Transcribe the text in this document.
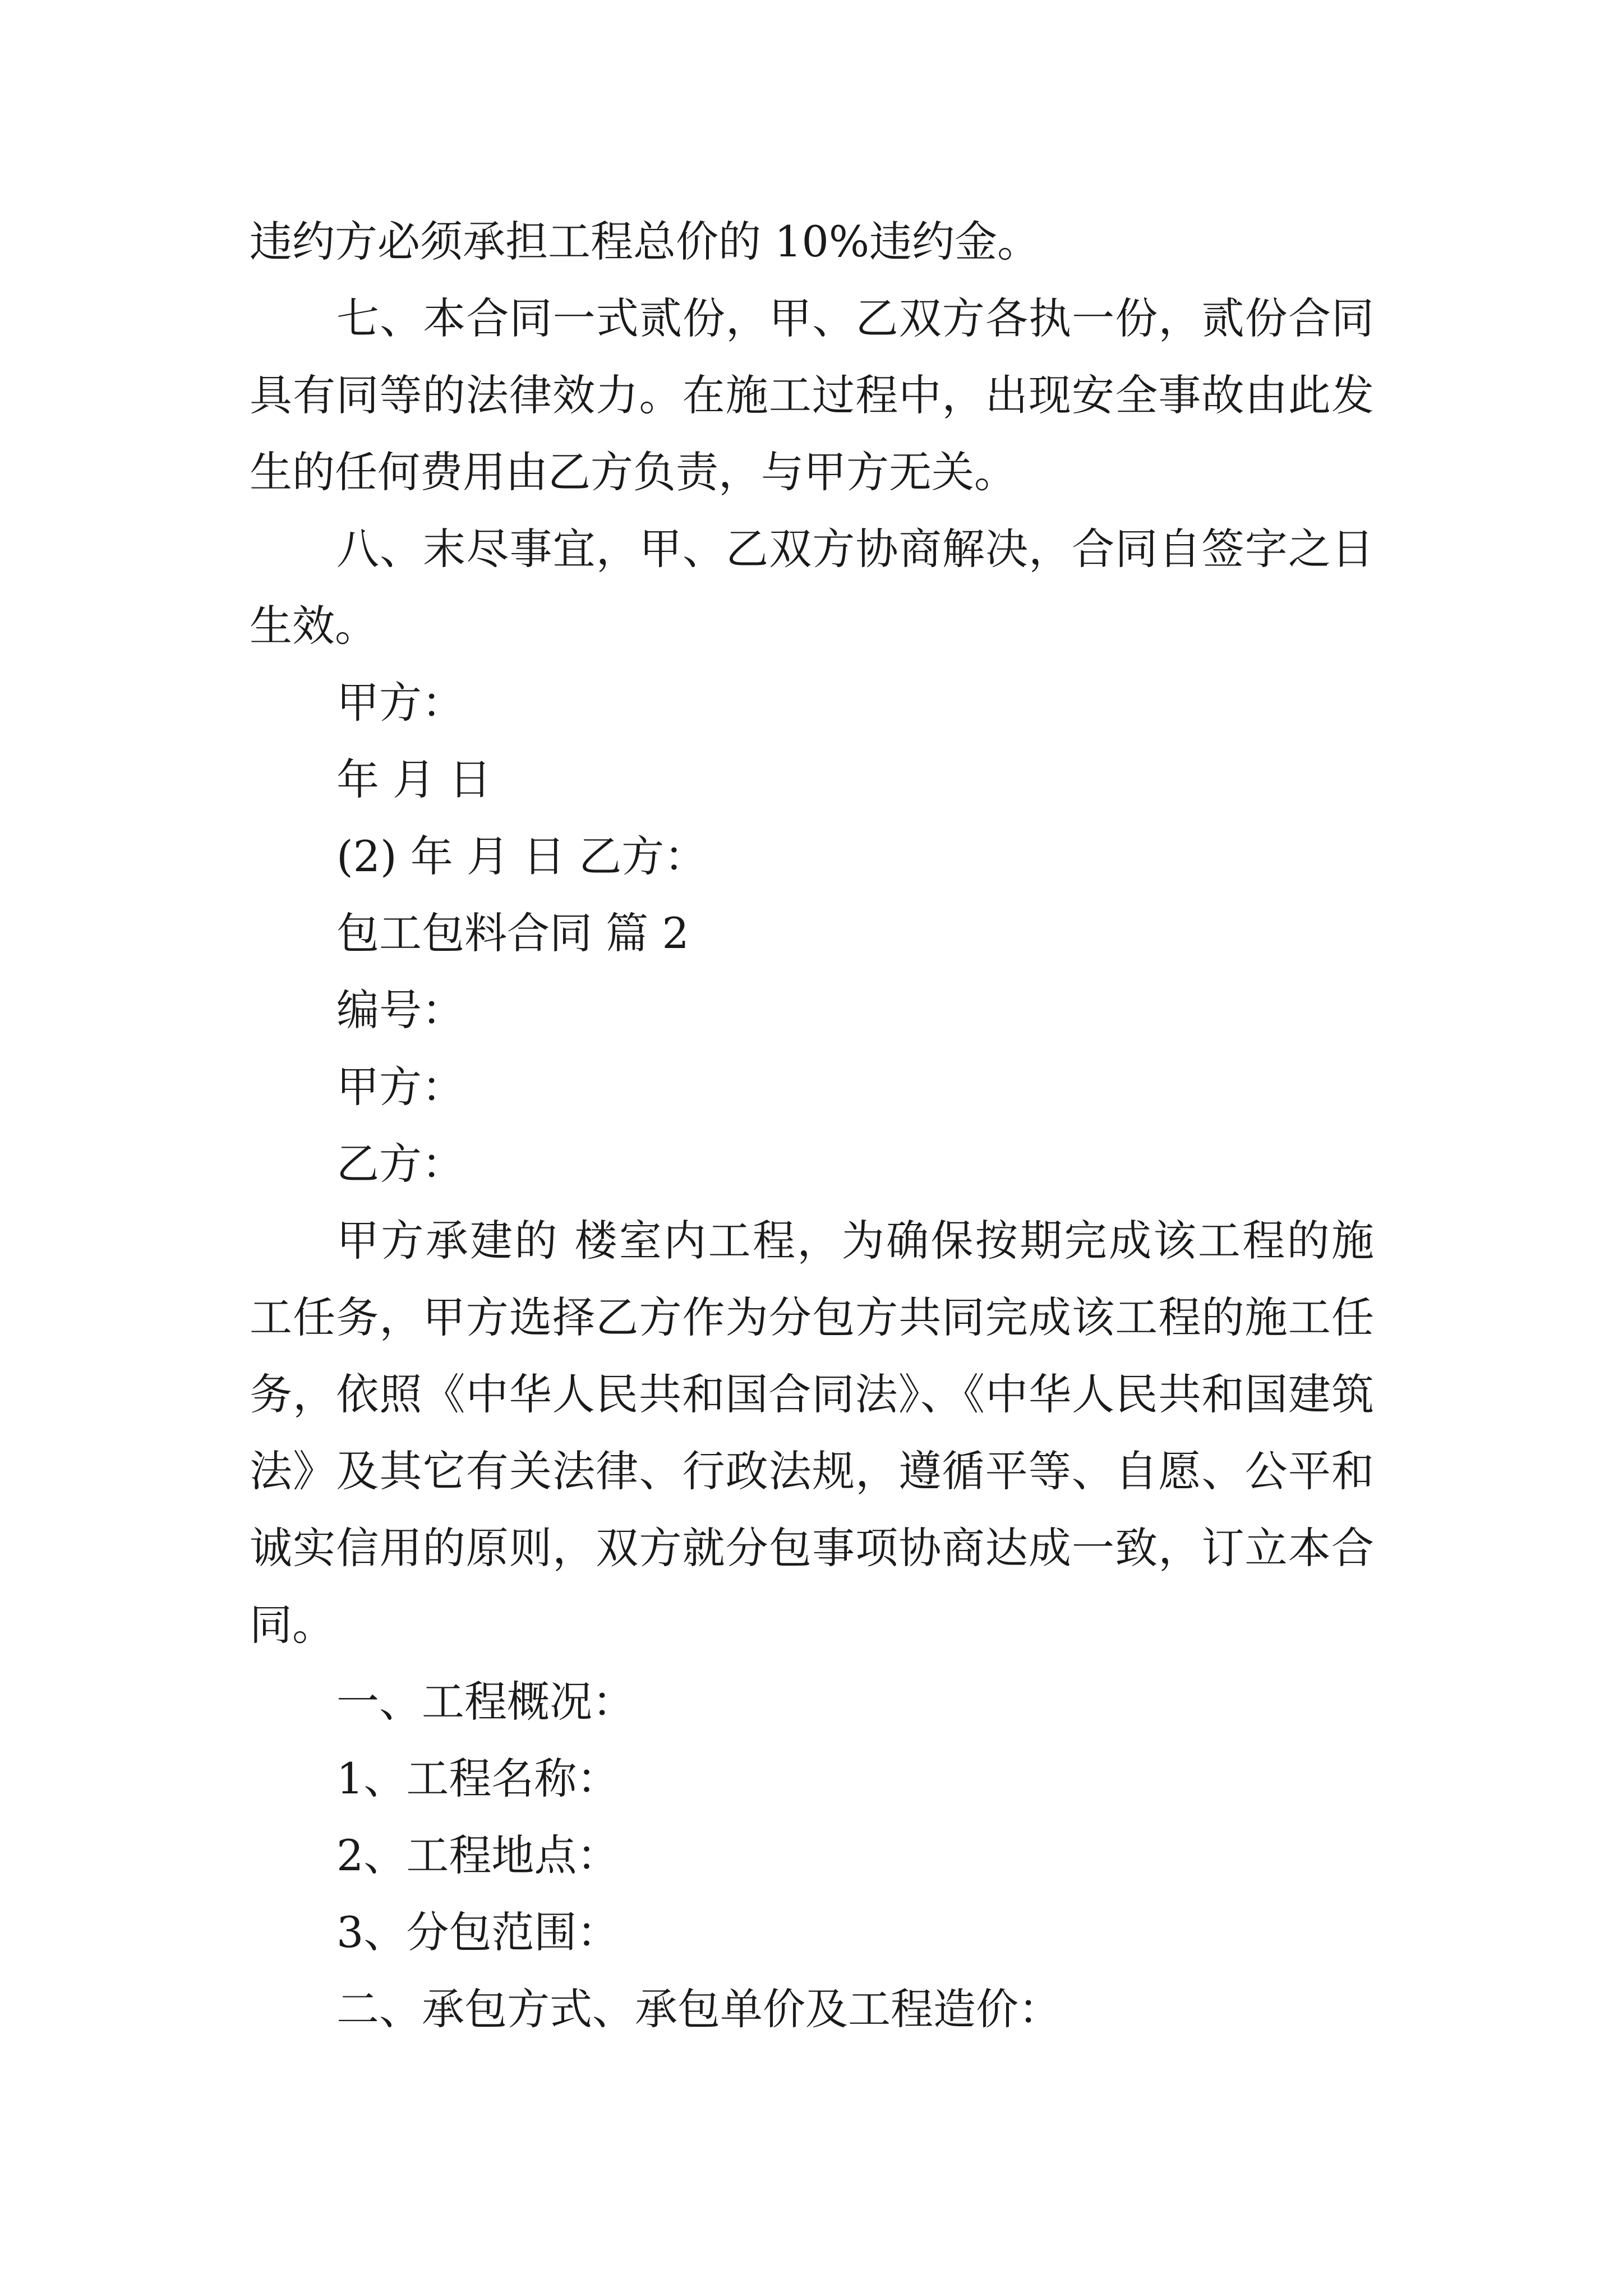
违约方必须承担工程总价的 10%违约金。
七、本合同一式贰份，甲、乙双方各执一份，贰份合同
具有同等的法律效力。在施工过程中，出现安全事故由此发
生的任何费用由乙方负责，与甲方无关。
八、末尽事宜，甲、乙双方协商解决，合同自签字之日
生效。
甲方：
年 月 日
(2) 年 月 日 乙方：
包工包料合同 篇 2
编号：
甲方：
乙方：
甲方承建的 楼室内工程，为确保按期完成该工程的施
工任务，甲方选择乙方作为分包方共同完成该工程的施工任
务，依照《中华人民共和国合同法》、《中华人民共和国建筑
法》及其它有关法律、行政法规，遵循平等、自愿、公平和
诚实信用的原则，双方就分包事项协商达成一致，订立本合
同。
一、工程概况：
1、工程名称：
2、工程地点：
3、分包范围：
二、承包方式、承包单价及工程造价：
